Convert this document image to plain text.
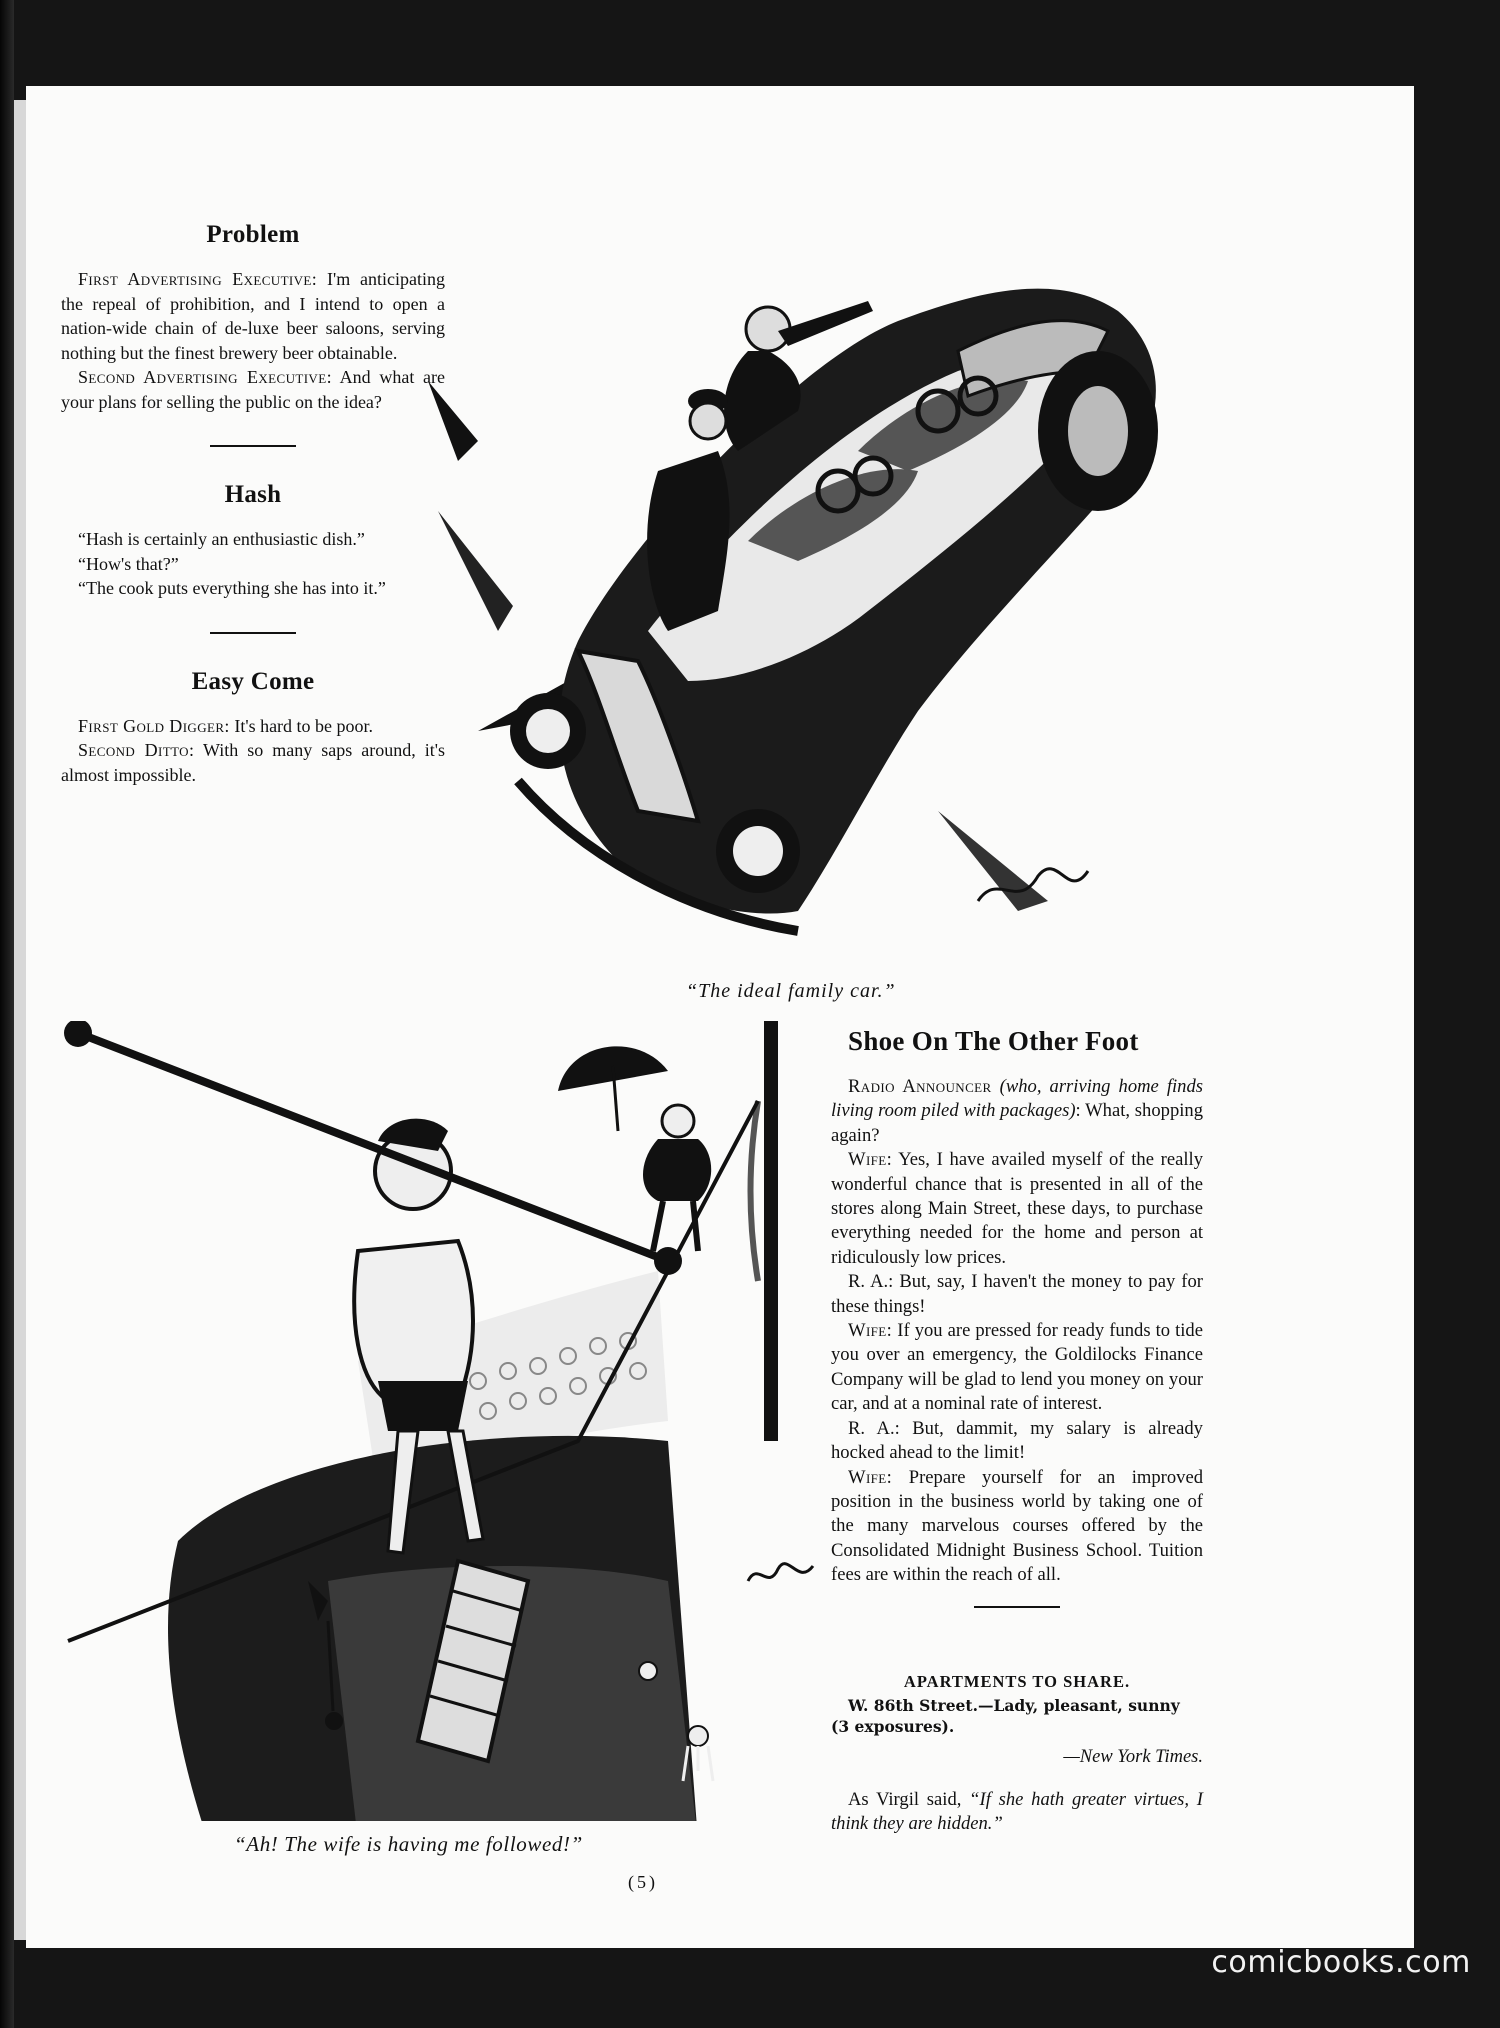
Problem

First Advertising Executive: I'm anticipating the repeal of prohibition, and I intend to open a nation-wide chain of de-luxe beer saloons, serving nothing but the finest brewery beer obtainable.

Second Advertising Executive: And what are your plans for selling the public on the idea?

Hash

“Hash is certainly an enthusiastic dish.”

“How's that?”

“The cook puts everything she has into it.”

Easy Come

First Gold Digger: It's hard to be poor.

Second Ditto: With so many saps around, it's almost impossible.

“The ideal family car.”
“Ah! The wife is having me followed!”
Shoe On The Other Foot

Radio Announcer (who, arriving home finds living room piled with packages): What, shopping again?

Wife: Yes, I have availed myself of the really wonderful chance that is presented in all of the stores along Main Street, these days, to purchase everything needed for the home and person at ridiculously low prices.

R. A.: But, say, I haven't the money to pay for these things!

Wife: If you are pressed for ready funds to tide you over an emergency, the Goldilocks Finance Company will be glad to lend you money on your car, and at a nominal rate of interest.

R. A.: But, dammit, my salary is already hocked ahead to the limit!

Wife: Prepare yourself for an improved position in the business world by taking one of the many marvelous courses offered by the Consolidated Midnight Business School. Tuition fees are within the reach of all.

APARTMENTS TO SHARE.

W. 86th Street.—Lady, pleasant, sunny (3 exposures).

—New York Times.

As Virgil said, “If she hath greater virtues, I think they are hidden.”

(5)
comicbooks.com
